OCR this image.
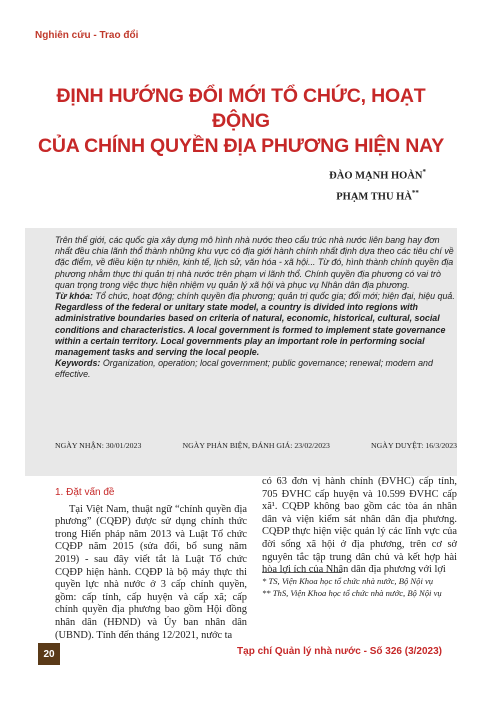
Nghiên cứu - Trao đổi
ĐỊNH HƯỚNG ĐỔI MỚI TỔ CHỨC, HOẠT ĐỘNG
CỦA CHÍNH QUYỀN ĐỊA PHƯƠNG HIỆN NAY
ĐÀO MẠNH HOÀN*
PHẠM THU HÀ**

Trên thế giới, các quốc gia xây dựng mô hình nhà nước theo cấu trúc nhà nước liên bang hay đơn nhất đều chia lãnh thổ thành những khu vực có địa giới hành chính nhất định dựa theo các tiêu chí về đặc điểm, về điều kiện tự nhiên, kinh tế, lịch sử, văn hóa - xã hội... Từ đó, hình thành chính quyền địa phương nhằm thực thi quản trị nhà nước trên phạm vi lãnh thổ. Chính quyền địa phương có vai trò quan trọng trong việc thực hiện nhiệm vụ quản lý xã hội và phục vụ Nhân dân địa phương.

Từ khóa: Tổ chức, hoạt động; chính quyền địa phương; quản trị quốc gia; đổi mới; hiện đại, hiệu quả.

Regardless of the federal or unitary state model, a country is divided into regions with administrative boundaries based on criteria of natural, economic, historical, cultural, social conditions and characteristics. A local government is formed to implement state governance within a certain territory. Local governments play an important role in performing social management tasks and serving the local people.

Keywords: Organization, operation; local government; public governance; renewal; modern and effective.

NGÀY NHẬN: 30/01/2023	NGÀY PHẢN BIỆN, ĐÁNH GIÁ: 23/02/2023	NGÀY DUYỆT: 16/3/2023
1. Đặt vấn đề

Tại Việt Nam, thuật ngữ “chính quyền địa phương” (CQĐP) được sử dụng chính thức trong Hiến pháp năm 2013 và Luật Tổ chức CQĐP năm 2015 (sửa đổi, bổ sung năm 2019) - sau đây viết tắt là Luật Tổ chức CQĐP hiện hành. CQĐP là bộ máy thực thi quyền lực nhà nước ở 3 cấp chính quyền, gồm: cấp tỉnh, cấp huyện và cấp xã; cấp chính quyền địa phương bao gồm Hội đồng nhân dân (HĐND) và Ủy ban nhân dân (UBND). Tính đến tháng 12/2021, nước ta

có 63 đơn vị hành chính (ĐVHC) cấp tỉnh, 705 ĐVHC cấp huyện và 10.599 ĐVHC cấp xã¹. CQĐP không bao gồm các tòa án nhân dân và viện kiểm sát nhân dân địa phương. CQĐP thực hiện việc quản lý các lĩnh vực của đời sống xã hội ở địa phương, trên cơ sở nguyên tắc tập trung dân chủ và kết hợp hài hòa lợi ích của Nhân dân địa phương với lợi

* TS, Viện Khoa học tổ chức nhà nước, Bộ Nội vụ

** ThS, Viện Khoa học tổ chức nhà nước, Bộ Nội vụ

20	Tạp chí Quản lý nhà nước - Số 326 (3/2023)
